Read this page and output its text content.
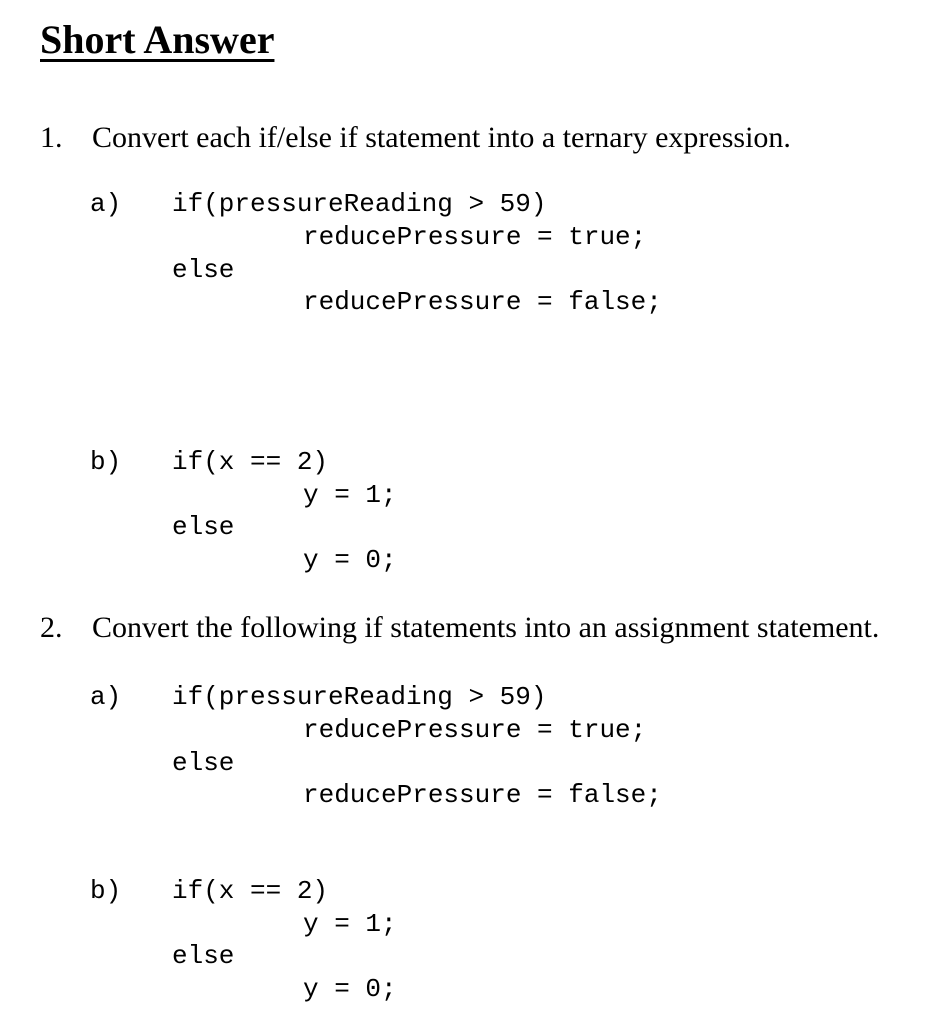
Short Answer
1. Convert each if/else if statement into a ternary expression.
a) if(pressureReading > 59)
reducePressure = true;
else
reducePressure = false;
b) if(x == 2)
y = 1;
else
y = 0;
2. Convert the following if statements into an assignment statement.
a) if(pressureReading > 59)
reducePressure = true;
else
reducePressure = false;
b) if(x == 2)
y = 1;
else
y = 0;
